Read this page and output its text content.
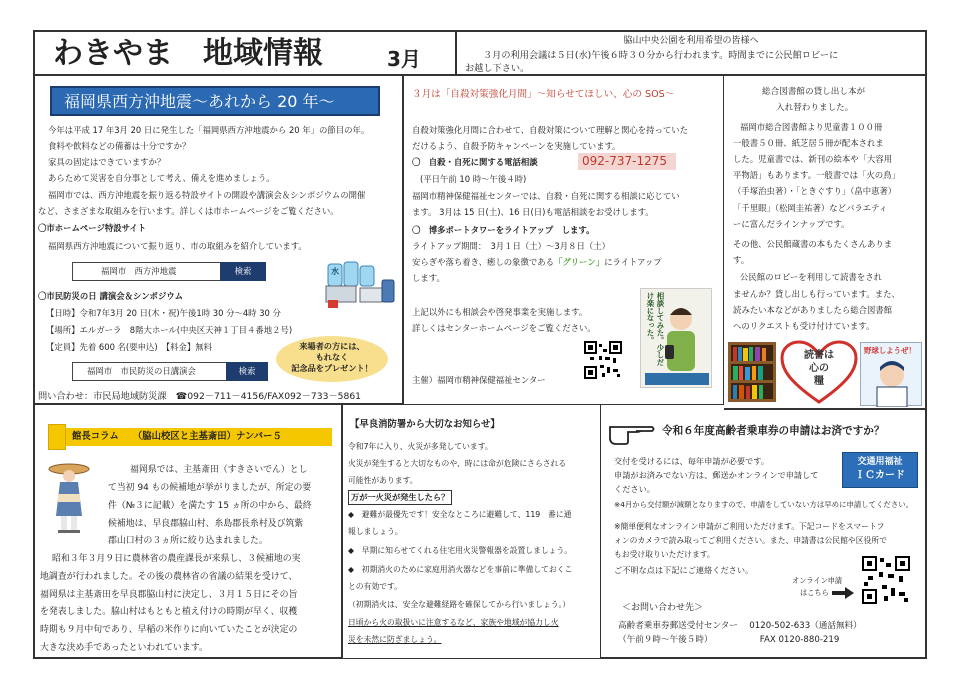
わきやま　地域情報	3月
脇山中央公園を利用希望の皆様へ
３月の利用会議は５日(水)午後６時３０分から行われます。時間までに公民館ロビーに
お越し下さい。
福岡県西方沖地震～あれから 20 年～
今年は平成 17 年3月 20 日に発生した「福岡県西方沖地震から 20 年」の節目の年。
食料や飲料などの備蓄は十分ですか？
家具の固定はできていますか？
あらためて災害を自分事として考え、備えを進めましょう。
福岡市では、西方沖地震を振り返る特設サイトの開設や講演会＆シンポジウムの開催
など、さまざまな取組みを行います。詳しくは市ホームページをご覧ください。
〇市ホームページ特設サイト
福岡県西方沖地震について振り返り、市の取組みを紹介しています。
福岡市　西方沖地震	検索	水
〇市民防災の日 講演会＆シンポジウム
【日時】令和7年3月 20 日(木・祝)午後1時 30 分～4時 30 分
【場所】エルガーラ　8階大ホール(中央区天神１丁目４番地２号)
【定員】先着 600 名(要申込)　【料金】無料	来場者の方には、
もれなく
記念品をプレゼント！
福岡市　市民防災の日講演会	検索
問い合わせ：市民局地域防災課　☎092－711－4156/FAX092－733－5861
３月は「自殺対策強化月間」～知らせてほしい、心の SOS～
自殺対策強化月間に合わせて、自殺対策について理解と関心を持っていた
だけるよう、自殺予防キャンペーンを実施しています。
〇　自殺・自死に関する電話相談	092-737-1275
(平日午前 10 時～午後４時)
福岡市精神保健福祉センターでは、自殺・自死に関する相談に応じてい
ます。 3月は 15 日(土)、16 日(日)も電話相談をお受けします。
〇　博多ポートタワーをライトアップ　します。
ライトアップ期間：　3月１日（土）～3月８日（土）
安らぎや落ち着き、癒しの象徴である「グリーン」にライトアップ
します。
上記以外にも相談会や啓発事業を実施します。
詳しくはセンターホームページをご覧ください。
主催）福岡市精神保健福祉センター
相談してみた。少しだけ楽になった。
総合図書館の貸し出し本が
入れ替わりました。
福岡市総合図書館より児童書１００冊
一般書５０冊、紙芝居５冊が配本されま
した。児童書では、新刊の絵本や「大容用
平物語」もあります。一般書では「火の鳥」
（手塚治虫著）・「ときぐすり」（畠中恵著）
「千里眼」（松岡圭祐著）などバラエティ
ーに富んだラインナップです。
その他、公民館蔵書の本もたくさんありま
す。
公民館のロビーを利用して読書をされ
ませんか？貸し出しも行っています。また、
読みたい本などがありましたら総合図書館
へのリクエストも受け付けています。
読書は
心の
糧
野球しようぜ！
館長コラム　　（脇山校区と主基斎田）ナンバー５
福岡県では、主基斎田（すきさいでん）とし
て当初 94 もの候補地が挙がりましたが、所定の要
件（№３に記載）を満たす 15 ヵ所の中から、最終
候補地は、早良郡脇山村、糸島郡長糸村及び筑紫
郡山口村の３ヵ所に絞り込まれました。
昭和３年３月９日に農林省の農産課長が来県し、３候補地の実
地調査が行われました。その後の農林省の省議の結果を受けて、
福岡県は主基斎田を早良郡脇山村に決定し、３月１５日にその旨
を発表しました。脇山村はもともと植え付けの時期が早く、収穫
時期も９月中旬であり、早稲の米作りに向いていたことが決定の
大きな決め手であったといわれています。
【早良消防署から大切なお知らせ】
令和7年に入り、火災が多発しています。
火災が発生すると大切なものや、時には命が危険にさらされる
可能性があります。
万が一火災が発生したら？
◆　避難が最優先です！安全なところに避難して、119　番に通
報しましょう。
◆　早期に知らせてくれる住宅用火災警報器を設置しましょう。
◆　初期消火のために家庭用消火器などを事前に準備しておくこ
との有効です。
（初期消火は、安全な避難経路を確保してから行いましょう。）
日頃から火の取扱いに注意するなど、家族や地域が協力し火
災を未然に防ぎましょう。
令和６年度高齢者乗車券の申請はお済ですか？
交付を受けるには、毎年申請が必要です。
申請がお済みでない方は、郵送かオンラインで申請して
ください。
※4月から交付額が減額となりますので、申請をしていない方は早めに申請してください。
※簡単便利なオンライン申請がご利用いただけます。下記コードをスマートフ
ォンのカメラで読み取ってご利用ください。また、申請書は公民館や区役所で
もお受け取りいただけます。
ご不明な点は下記にご連絡ください。
交通用福祉
ＩＣカード
オンライン申請
はこちら
＜お問い合わせ先＞
高齢者乗車券郵送受付センター　 0120-502-633（通話無料）
（午前９時～午後５時）　　　　　　FAX 0120-880-219
